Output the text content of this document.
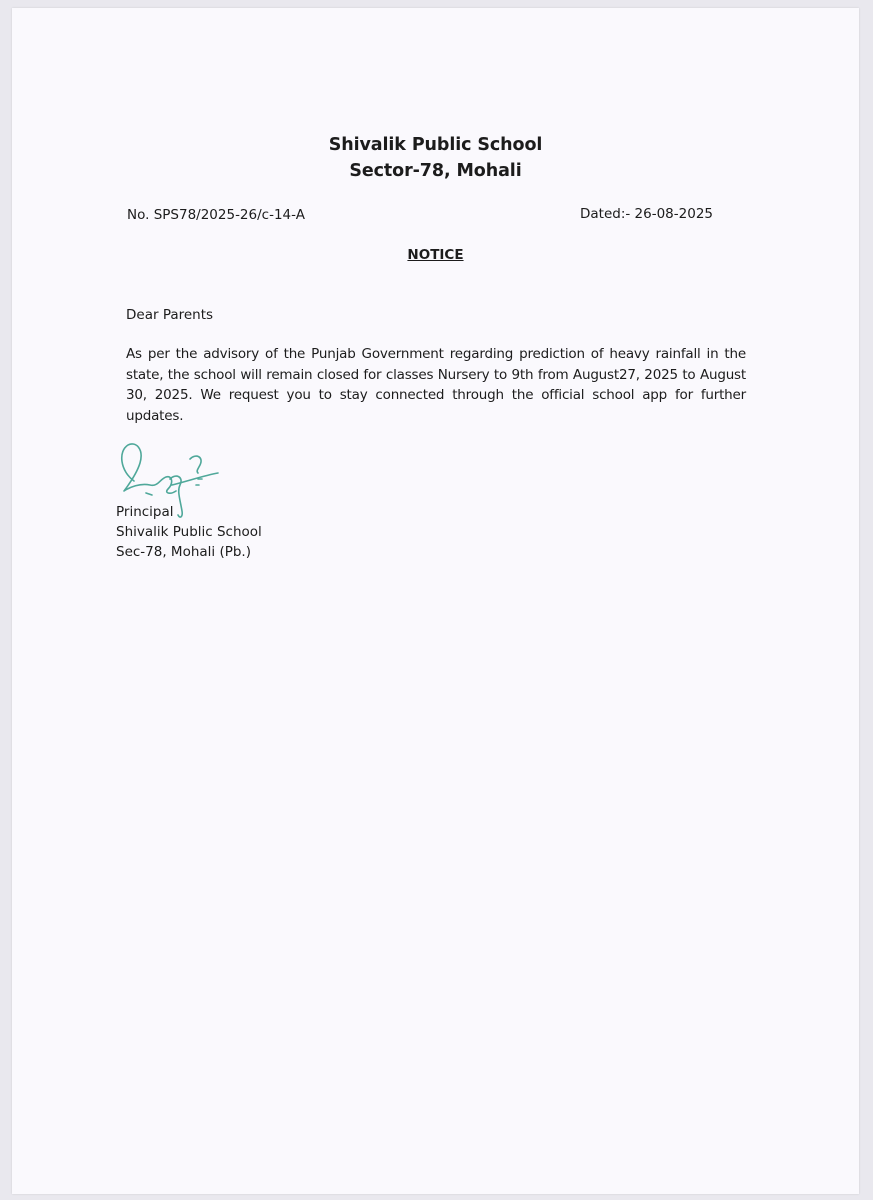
Shivalik Public School
Sector-78, Mohali
No. SPS78/2025-26/c-14-A	Dated:- 26-08-2025
NOTICE
Dear Parents
As per the advisory of the Punjab Government regarding prediction of heavy rainfall in the state, the school will remain closed for classes Nursery to 9th from August27, 2025 to August 30, 2025. We request you to stay connected through the official school app for further updates.
Principal
Shivalik Public School
Sec-78, Mohali (Pb.)
